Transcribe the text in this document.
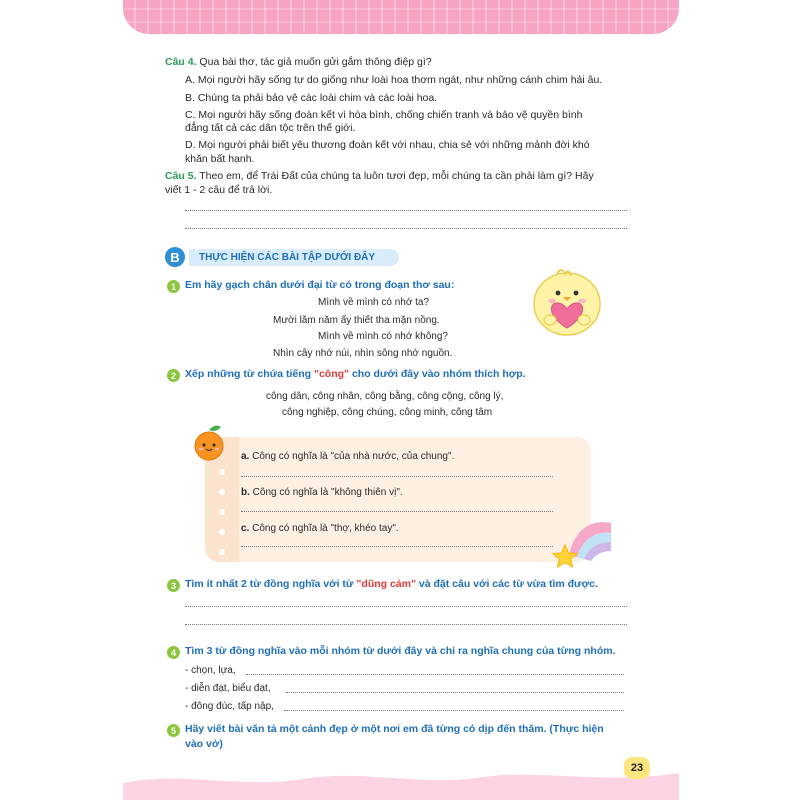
Câu 4. Qua bài thơ, tác giả muốn gửi gắm thông điệp gì?
A. Mọi người hãy sống tự do giống như loài hoa thơm ngát, như những cánh chim hải âu.
B. Chúng ta phải bảo vệ các loài chim và các loài hoa.
C. Mọi người hãy sống đoàn kết vì hòa bình, chống chiến tranh và bảo vệ quyền bình
đẳng tất cả các dân tộc trên thế giới.
D. Mọi người phải biết yêu thương đoàn kết với nhau, chia sẻ với những mảnh đời khó
khăn bất hạnh.
Câu 5. Theo em, để Trái Đất của chúng ta luôn tươi đẹp, mỗi chúng ta cần phải làm gì? Hãy
viết 1 - 2 câu để trả lời.
B	THỰC HIỆN CÁC BÀI TẬP DƯỚI ĐÂY
1 Em hãy gạch chân dưới đại từ có trong đoạn thơ sau:
Mình về mình có nhớ ta?
Mười lăm năm ấy thiết tha mặn nồng.
Mình về mình có nhớ không?
Nhìn cây nhớ núi, nhìn sông nhớ nguồn.
2 Xếp những từ chứa tiếng "công" cho dưới đây vào nhóm thích hợp.
công dân, công nhân, công bằng, công cộng, công lý,
công nghiệp, công chúng, công minh, công tâm
a. Công có nghĩa là "của nhà nước, của chung".
b. Công có nghĩa là "không thiên vị".
c. Công có nghĩa là "thợ, khéo tay".
3 Tìm ít nhất 2 từ đồng nghĩa với từ "dũng cảm" và đặt câu với các từ vừa tìm được.
4 Tìm 3 từ đồng nghĩa vào mỗi nhóm từ dưới đây và chỉ ra nghĩa chung của từng nhóm.
- chọn, lựa,
- diễn đạt, biểu đạt,
- đông đúc, tấp nập,
5 Hãy viết bài văn tả một cảnh đẹp ở một nơi em đã từng có dịp đến thăm. (Thực hiện
vào vở)
23
